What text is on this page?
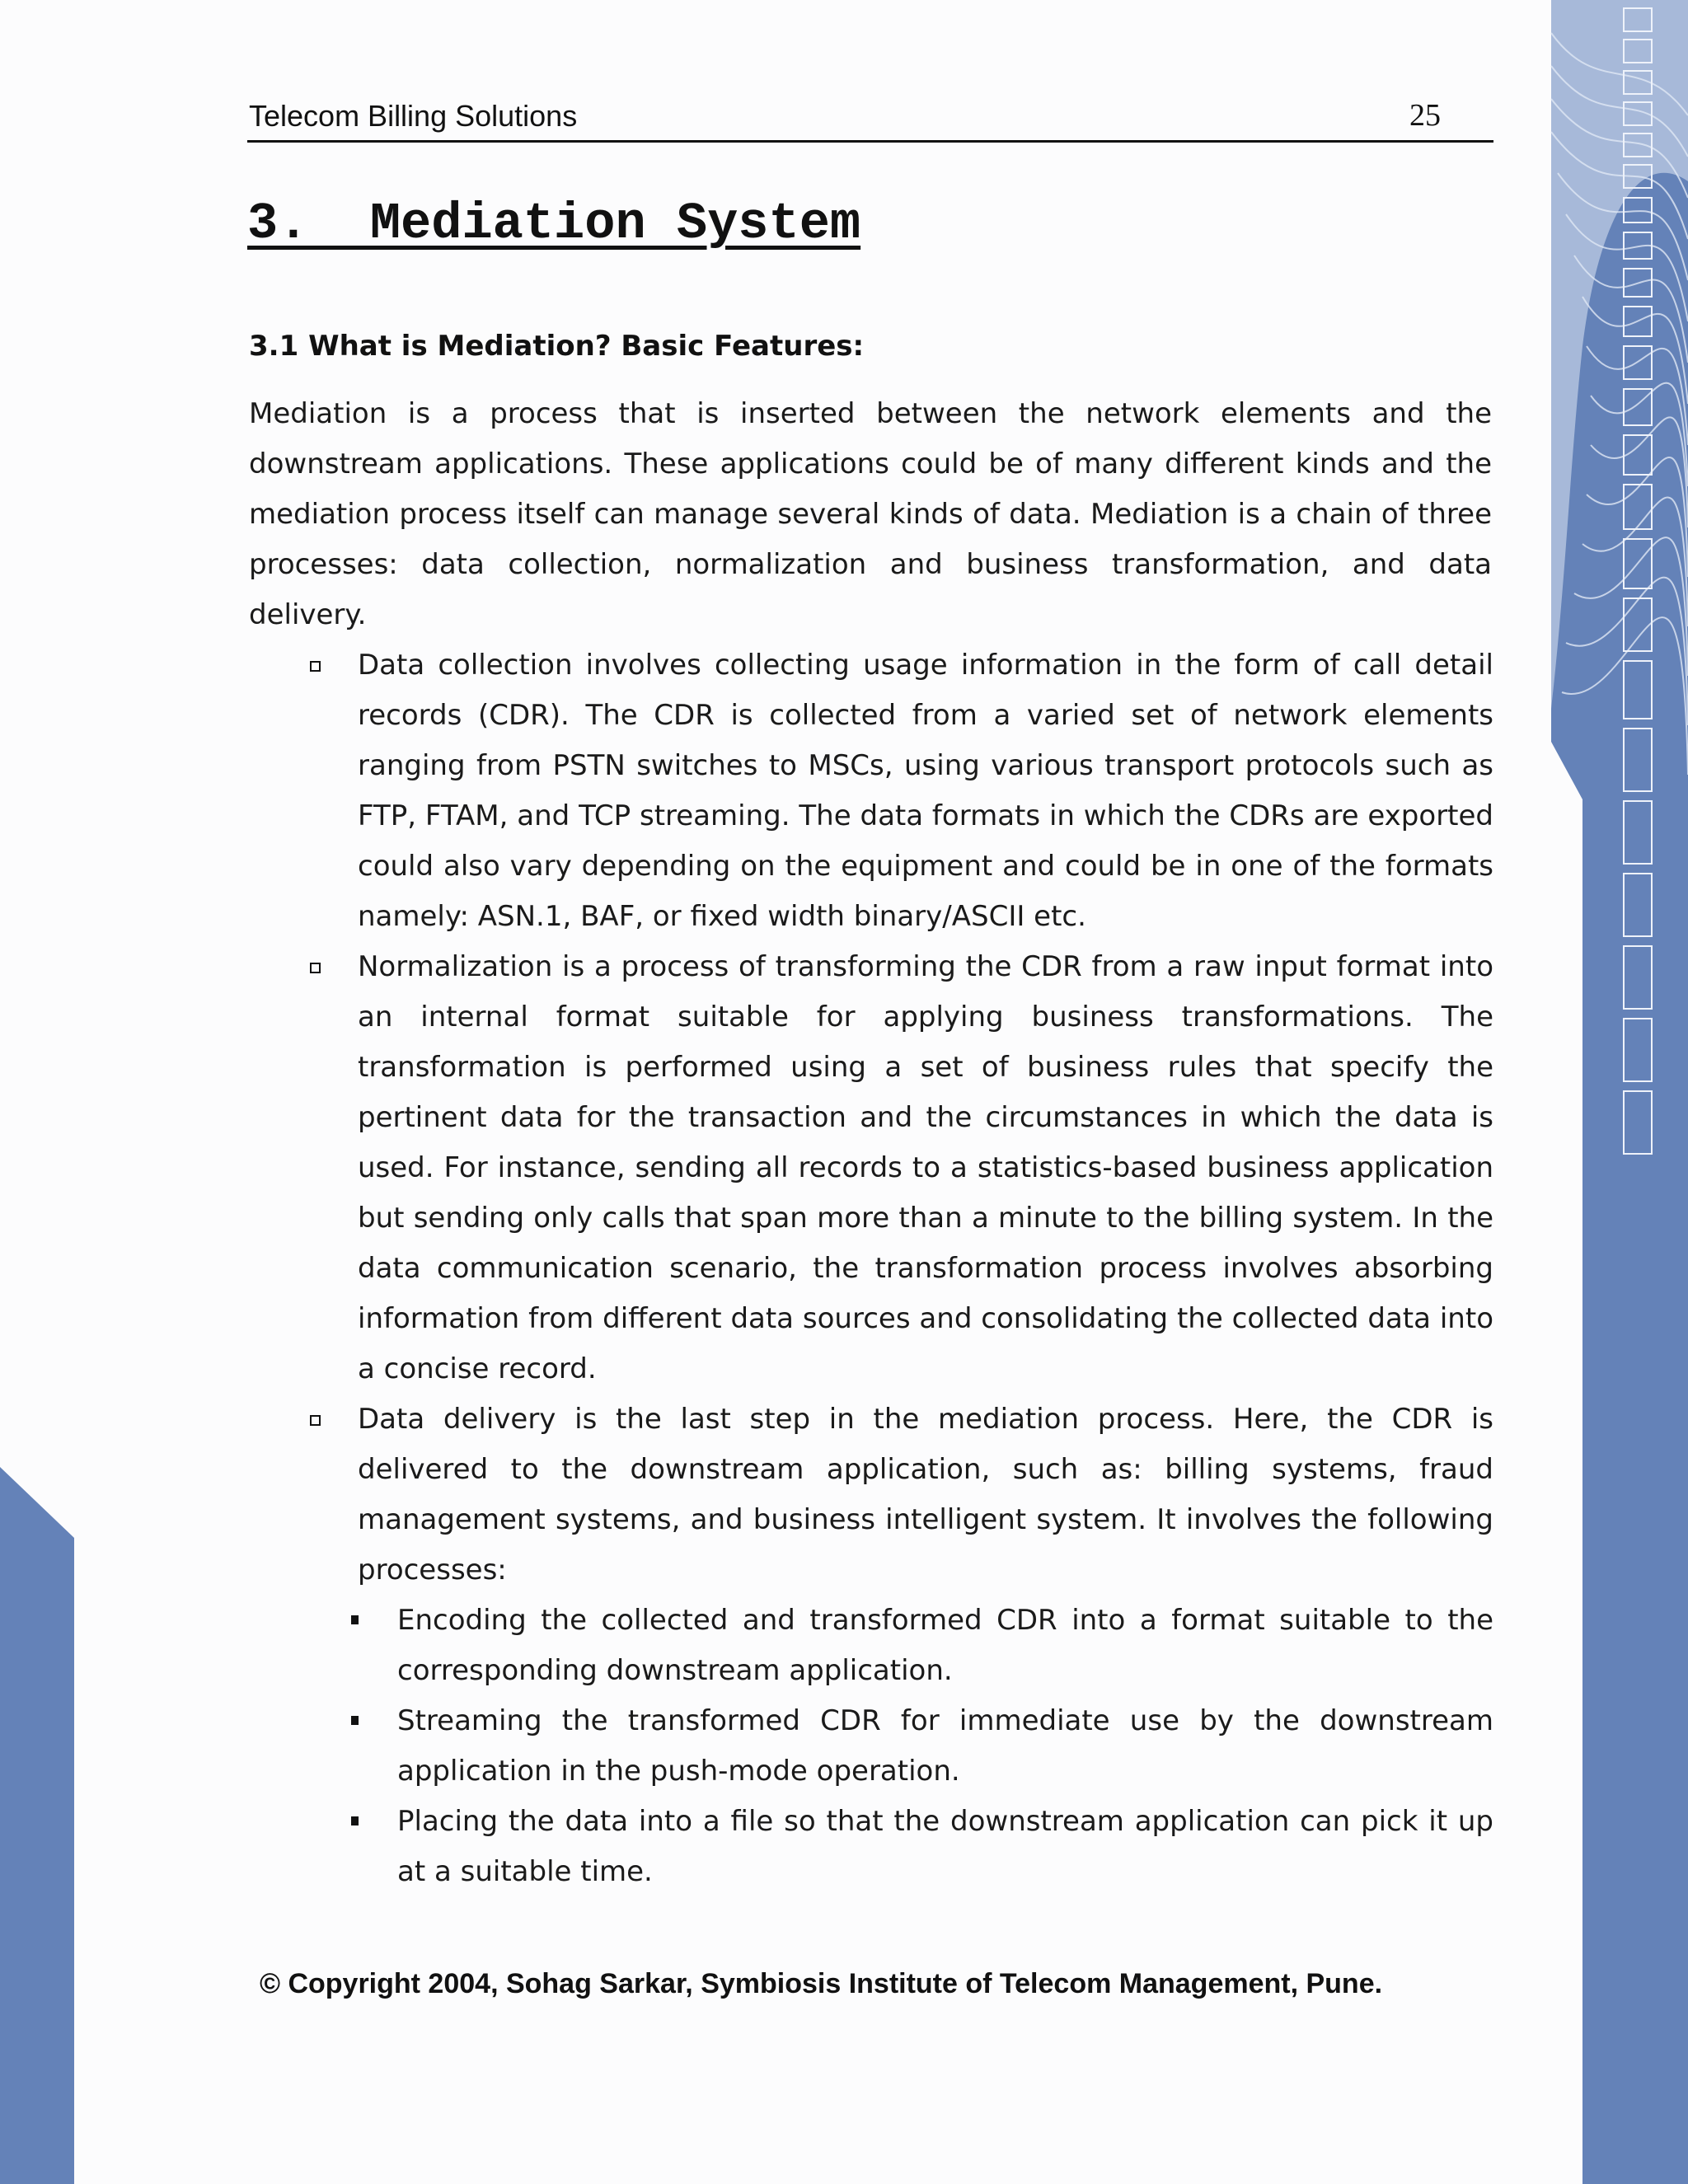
Telecom Billing Solutions	25
3.  Mediation System
3.1 What is Mediation? Basic Features:
Mediation is a process that is inserted between the network elements and the downstream applications. These applications could be of many different kinds and the mediation process itself can manage several kinds of data. Mediation is a chain of three processes: data collection, normalization and business transformation, and data delivery.
Data collection involves collecting usage information in the form of call detail records (CDR). The CDR is collected from a varied set of network elements ranging from PSTN switches to MSCs, using various transport protocols such as FTP, FTAM, and TCP streaming. The data formats in which the CDRs are exported could also vary depending on the equipment and could be in one of the formats namely: ASN.1, BAF, or fixed width binary/ASCII etc.
Normalization is a process of transforming the CDR from a raw input format into an internal format suitable for applying business transformations. The transformation is performed using a set of business rules that specify the pertinent data for the transaction and the circumstances in which the data is used. For instance, sending all records to a statistics-based business application but sending only calls that span more than a minute to the billing system. In the data communication scenario, the transformation process involves absorbing information from different data sources and consolidating the collected data into a concise record.
Data delivery is the last step in the mediation process. Here, the CDR is delivered to the downstream application, such as: billing systems, fraud management systems, and business intelligent system. It involves the following processes:
Encoding the collected and transformed CDR into a format suitable to the corresponding downstream application.
Streaming the transformed CDR for immediate use by the downstream application in the push-mode operation.
Placing the data into a file so that the downstream application can pick it up at a suitable time.
© Copyright 2004, Sohag Sarkar, Symbiosis Institute of Telecom Management, Pune.
